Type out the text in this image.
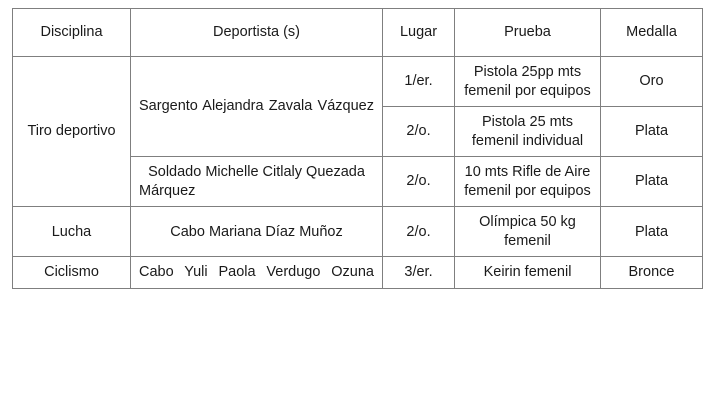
Disciplina	Deportista (s)	Lugar	Prueba	Medalla
Tiro deportivo	Sargento Alejandra Zavala Vázquez	1/er.	Pistola 25pp mts femenil por equipos	Oro
		2/o.	Pistola 25 mts femenil individual	Plata
	Soldado Michelle Citlaly Quezada Márquez	2/o.	10 mts Rifle de Aire femenil por equipos	Plata
Lucha	Cabo Mariana Díaz Muñoz	2/o.	Olímpica 50 kg femenil	Plata
Ciclismo	Cabo Yuli Paola Verdugo Ozuna	3/er.	Keirin femenil	Bronce
